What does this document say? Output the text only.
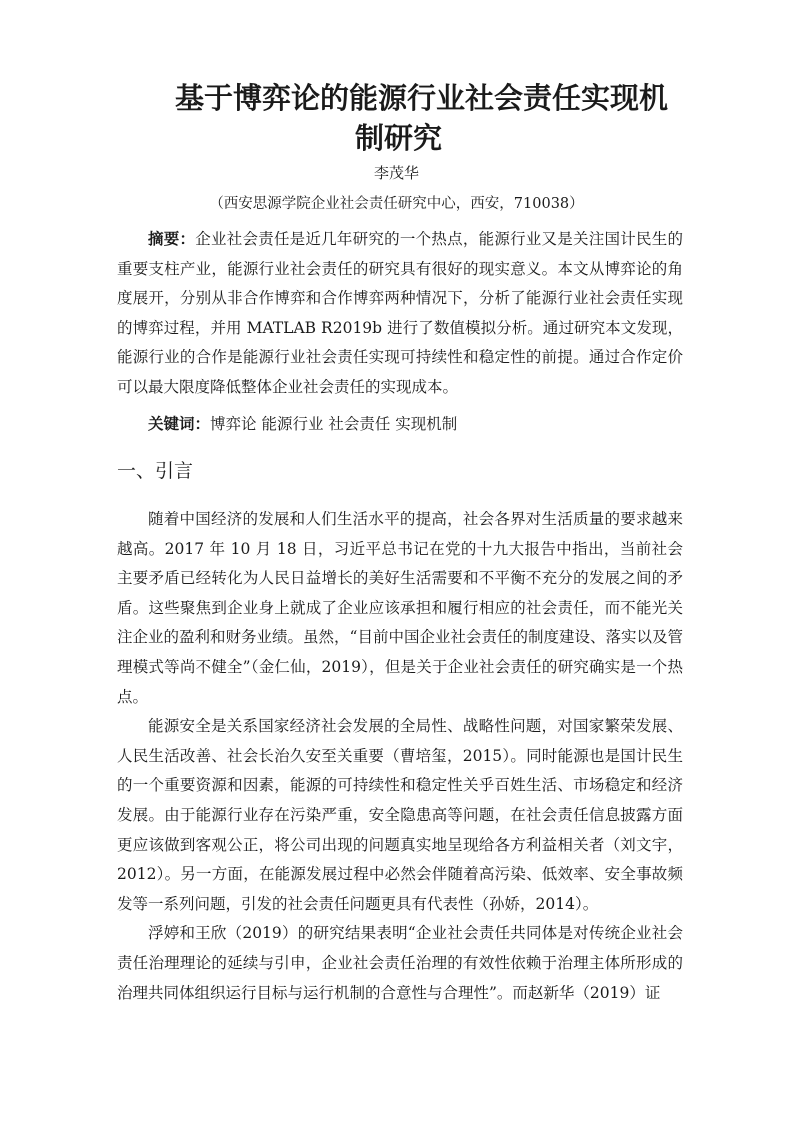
基于博弈论的能源行业社会责任实现机
制研究
李茂华
（西安思源学院企业社会责任研究中心，西安，710038）

摘要：企业社会责任是近几年研究的一个热点，能源行业又是关注国计民生的重要支柱产业，能源行业社会责任的研究具有很好的现实意义。本文从博弈论的角度展开，分别从非合作博弈和合作博弈两种情况下，分析了能源行业社会责任实现的博弈过程，并用 MATLAB R2019b 进行了数值模拟分析。通过研究本文发现，能源行业的合作是能源行业社会责任实现可持续性和稳定性的前提。通过合作定价可以最大限度降低整体企业社会责任的实现成本。

关键词：博弈论 能源行业 社会责任 实现机制

一、引言

随着中国经济的发展和人们生活水平的提高，社会各界对生活质量的要求越来越高。2017 年 10 月 18 日，习近平总书记在党的十九大报告中指出，当前社会主要矛盾已经转化为人民日益增长的美好生活需要和不平衡不充分的发展之间的矛盾。这些聚焦到企业身上就成了企业应该承担和履行相应的社会责任，而不能光关注企业的盈利和财务业绩。虽然，“目前中国企业社会责任的制度建设、落实以及管理模式等尚不健全”（金仁仙，2019），但是关于企业社会责任的研究确实是一个热点。

能源安全是关系国家经济社会发展的全局性、战略性问题，对国家繁荣发展、人民生活改善、社会长治久安至关重要（曹培玺，2015）。同时能源也是国计民生的一个重要资源和因素，能源的可持续性和稳定性关乎百姓生活、市场稳定和经济发展。由于能源行业存在污染严重，安全隐患高等问题，在社会责任信息披露方面更应该做到客观公正，将公司出现的问题真实地呈现给各方利益相关者（刘文宇，2012）。另一方面，在能源发展过程中必然会伴随着高污染、低效率、安全事故频发等一系列问题，引发的社会责任问题更具有代表性（孙娇，2014）。

浮婷和王欣（2019）的研究结果表明“企业社会责任共同体是对传统企业社会责任治理理论的延续与引申，企业社会责任治理的有效性依赖于治理主体所形成的治理共同体组织运行目标与运行机制的合意性与合理性”。而赵新华（2019）证
